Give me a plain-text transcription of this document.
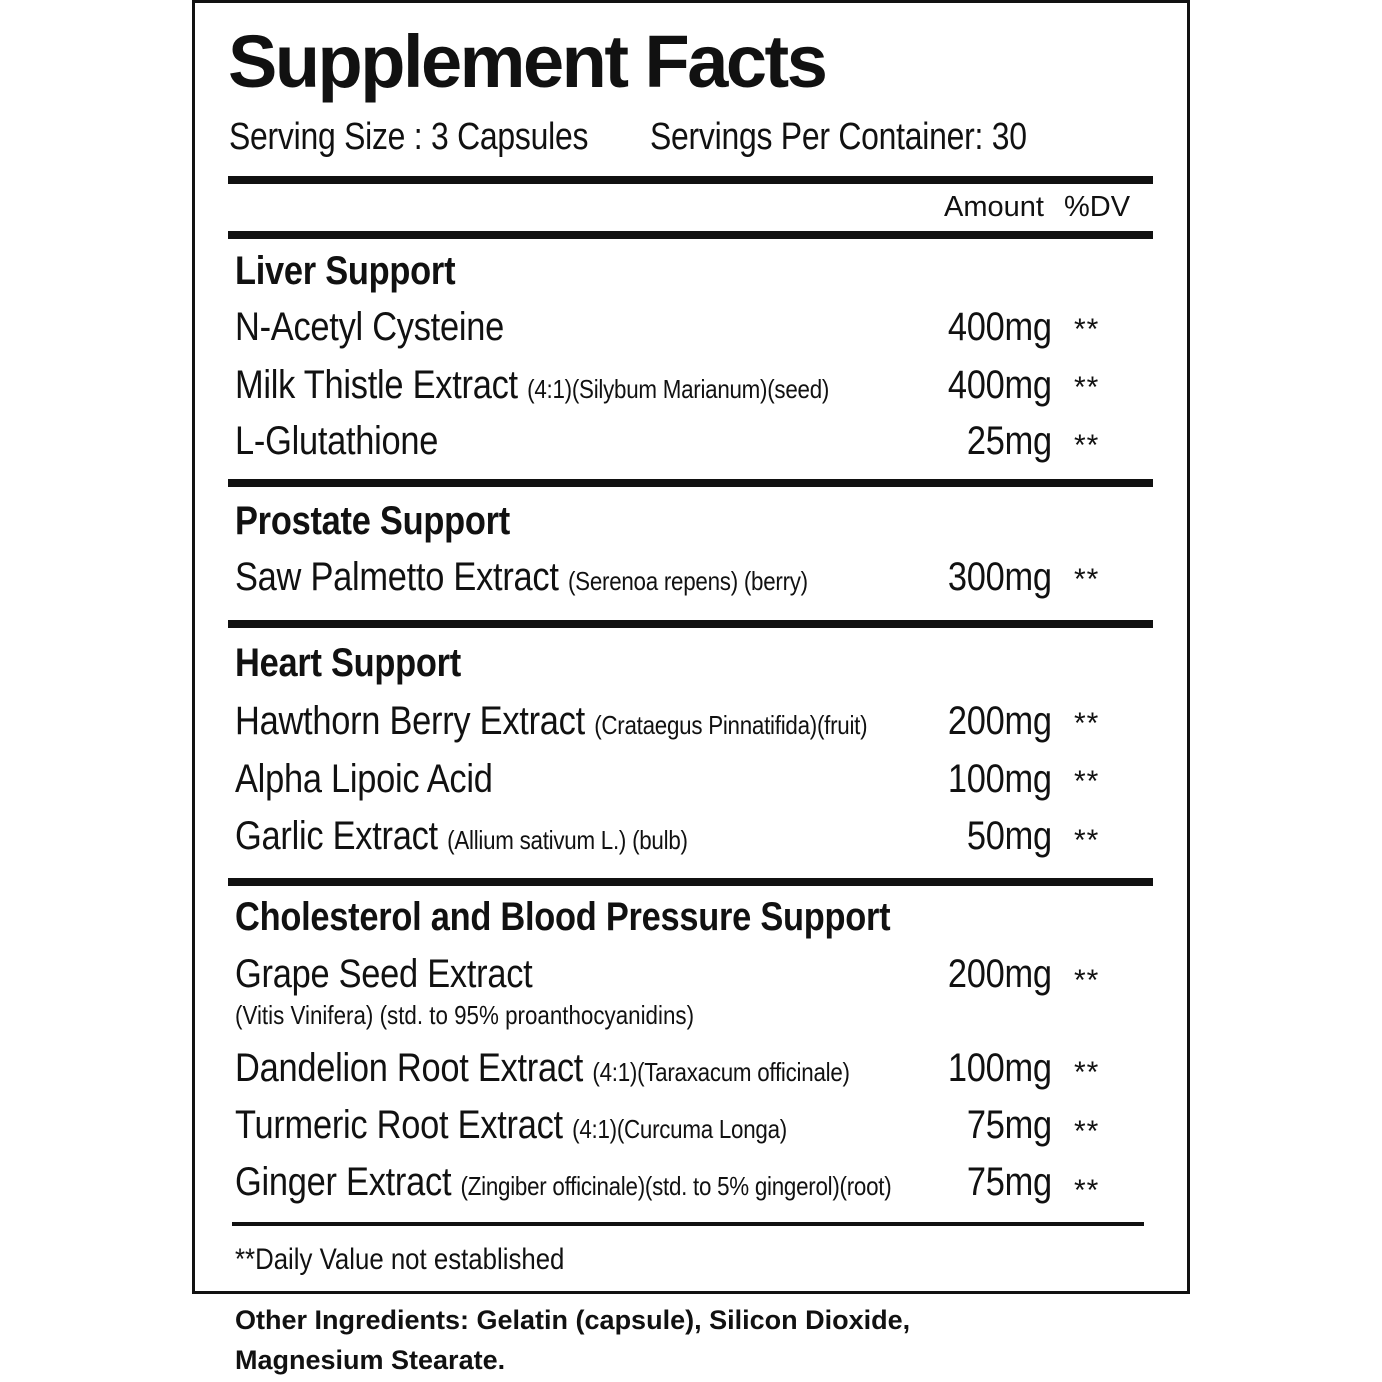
Supplement Facts
Serving Size : 3 Capsules Servings Per Container: 30
Amount %DV
Liver Support
N-Acetyl Cysteine	400mg **
Milk Thistle Extract (4:1)(Silybum Marianum)(seed)	400mg **
L-Glutathione	25mg **
Prostate Support
Saw Palmetto Extract (Serenoa repens) (berry)	300mg **
Heart Support
Hawthorn Berry Extract (Crataegus Pinnatifida)(fruit) 200mg **
Alpha Lipoic Acid	100mg **
Garlic Extract (Allium sativum L.) (bulb)	50mg **
Cholesterol and Blood Pressure Support
Grape Seed Extract
(Vitis Vinifera) (std. to 95% proanthocyanidins)
200mg **
Dandelion Root Extract (4:1)(Taraxacum officinale) 100mg **
Turmeric Root Extract (4:1)(Curcuma Longa)	75mg **
Ginger Extract (Zingiber officinale)(std. to 5% gingerol)(root) 75mg **
**Daily Value not established
Other Ingredients: Gelatin (capsule), Silicon Dioxide,
Magnesium Stearate.
